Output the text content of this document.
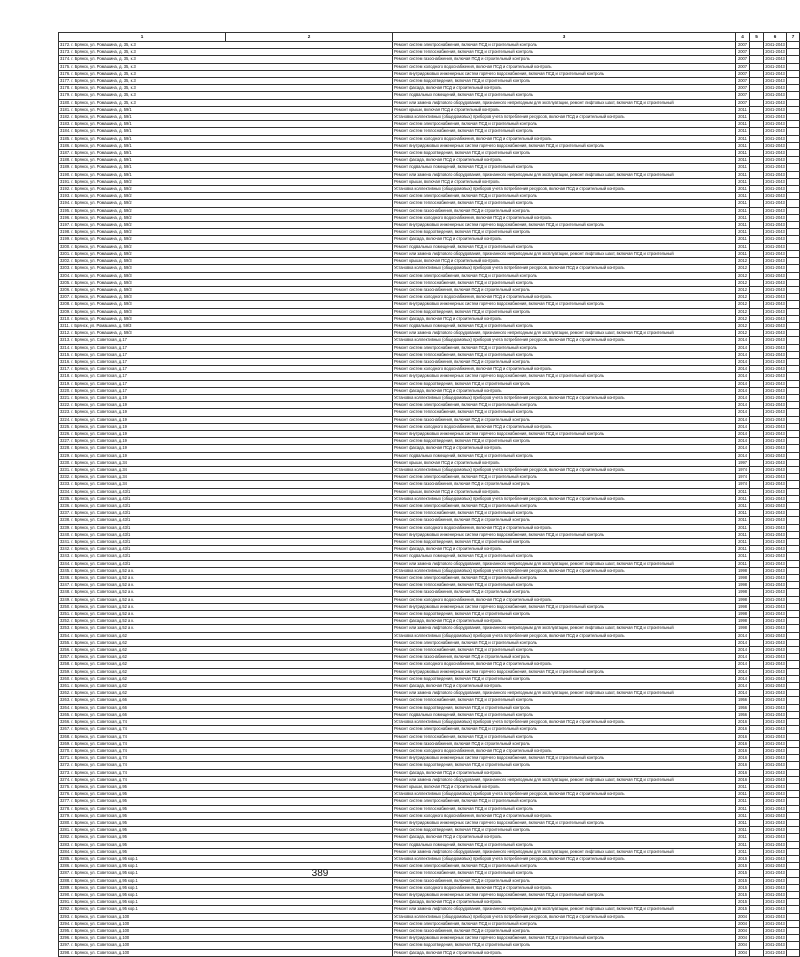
1	2	3	4	5	6	7
3172. г. Брянск, ул. Ромашина, д. 35, к.3		Ремонт систем электроснабжения, включая ПСД и строительный контроль	2007		2041-2043	
3173. г. Брянск, ул. Ромашина, д. 35, к.3		Ремонт систем теплоснабжения, включая ПСД и строительный контроль	2007		2041-2043	
3174. г. Брянск, ул. Ромашина, д. 35, к.3		Ремонт систем газоснабжения, включая ПСД и строительный контроль	2007		2041-2043	
3175. г. Брянск, ул. Ромашина, д. 35, к.3		Ремонт систем холодного водоснабжения, включая ПСД и строительный контроль	2007		2041-2043	
3176. г. Брянск, ул. Ромашина, д. 35, к.3		Ремонт внутридомовых инженерных систем горячего водоснабжения, включая ПСД и строительный контроль	2007		2041-2043	
3177. г. Брянск, ул. Ромашина, д. 35, к.3		Ремонт систем водоотведения, включая ПСД и строительный контроль	2007		2041-2043	
3178. г. Брянск, ул. Ромашина, д. 35, к.3		Ремонт фасада, включая ПСД и строительный контроль	2007		2041-2043	
3179. г. Брянск, ул. Ромашина, д. 35, к.3		Ремонт подвальных помещений, включая ПСД и строительный контроль	2007		2041-2043	
3180. г. Брянск, ул. Ромашина, д. 35, к.3		Ремонт или замена лифтового оборудования, признанного непригодным для эксплуатации, ремонт лифтовых шахт, включая ПСД и строительный	2007		2041-2043	
3181. г. Брянск, ул. Ромашина, д. 59/1		Ремонт крыши, включая ПСД и строительный контроль	2011		2041-2043	
3182. г. Брянск, ул. Ромашина, д. 59/1		Установка коллективных (общедомовых) приборов учета потребления ресурсов, включая ПСД и строительный контроль	2011		2041-2043	
3183. г. Брянск, ул. Ромашина, д. 59/1		Ремонт систем электроснабжения, включая ПСД и строительный контроль	2011		2041-2043	
3184. г. Брянск, ул. Ромашина, д. 59/1		Ремонт систем теплоснабжения, включая ПСД и строительный контроль	2011		2041-2043	
3185. г. Брянск, ул. Ромашина, д. 59/1		Ремонт систем холодного водоснабжения, включая ПСД и строительный контроль	2011		2041-2043	
3186. г. Брянск, ул. Ромашина, д. 59/1		Ремонт внутридомовых инженерных систем горячего водоснабжения, включая ПСД и строительный контроль	2011		2041-2043	
3187. г. Брянск, ул. Ромашина, д. 59/1		Ремонт систем водоотведения, включая ПСД и строительный контроль	2011		2041-2043	
3188. г. Брянск, ул. Ромашина, д. 59/1		Ремонт фасада, включая ПСД и строительный контроль	2011		2041-2043	
3189. г. Брянск, ул. Ромашина, д. 59/1		Ремонт подвальных помещений, включая ПСД и строительный контроль	2011		2041-2043	
3190. г. Брянск, ул. Ромашина, д. 59/1		Ремонт или замена лифтового оборудования, признанного непригодным для эксплуатации, ремонт лифтовых шахт, включая ПСД и строительный	2011		2041-2043	
3191. г. Брянск, ул. Ромашина, д. 59/2		Ремонт крыши, включая ПСД и строительный контроль	2011		2041-2043	
3192. г. Брянск, ул. Ромашина, д. 59/2		Установка коллективных (общедомовых) приборов учета потребления ресурсов, включая ПСД и строительный контроль	2011		2041-2043	
3193. г. Брянск, ул. Ромашина, д. 59/2		Ремонт систем электроснабжения, включая ПСД и строительный контроль	2011		2041-2043	
3194. г. Брянск, ул. Ромашина, д. 59/2		Ремонт систем теплоснабжения, включая ПСД и строительный контроль	2011		2041-2043	
3195. г. Брянск, ул. Ромашина, д. 59/2		Ремонт систем газоснабжения, включая ПСД и строительный контроль	2011		2041-2043	
3196. г. Брянск, ул. Ромашина, д. 59/2		Ремонт систем холодного водоснабжения, включая ПСД и строительный контроль	2011		2041-2043	
3197. г. Брянск, ул. Ромашина, д. 59/2		Ремонт внутридомовых инженерных систем горячего водоснабжения, включая ПСД и строительный контроль	2011		2041-2043	
3198. г. Брянск, ул. Ромашина, д. 59/2		Ремонт систем водоотведения, включая ПСД и строительный контроль	2011		2041-2043	
3199. г. Брянск, ул. Ромашина, д. 59/2		Ремонт фасада, включая ПСД и строительный контроль	2011		2041-2043	
3200. г. Брянск, ул. Ромашина, д. 59/2		Ремонт подвальных помещений, включая ПСД и строительный контроль	2011		2041-2043	
3201. г. Брянск, ул. Ромашина, д. 59/2		Ремонт или замена лифтового оборудования, признанного непригодным для эксплуатации, ремонт лифтовых шахт, включая ПСД и строительный	2011		2041-2043	
3202. г. Брянск, ул. Ромашина, д. 59/3		Ремонт крыши, включая ПСД и строительный контроль	2012		2041-2043	
3203. г. Брянск, ул. Ромашина, д. 59/3		Установка коллективных (общедомовых) приборов учета потребления ресурсов, включая ПСД и строительный контроль	2012		2041-2043	
3204. г. Брянск, ул. Ромашина, д. 59/3		Ремонт систем электроснабжения, включая ПСД и строительный контроль	2012		2041-2043	
3205. г. Брянск, ул. Ромашина, д. 59/3		Ремонт систем теплоснабжения, включая ПСД и строительный контроль	2012		2041-2043	
3206. г. Брянск, ул. Ромашина, д. 59/3		Ремонт систем газоснабжения, включая ПСД и строительный контроль	2012		2041-2043	
3207. г. Брянск, ул. Ромашина, д. 59/3		Ремонт систем холодного водоснабжения, включая ПСД и строительный контроль	2012		2041-2043	
3208. г. Брянск, ул. Ромашина, д. 59/3		Ремонт внутридомовых инженерных систем горячего водоснабжения, включая ПСД и строительный контроль	2012		2041-2043	
3209. г. Брянск, ул. Ромашина, д. 59/3		Ремонт систем водоотведения, включая ПСД и строительный контроль	2012		2041-2043	
3210. г. Брянск, ул. Ромашина, д. 59/3		Ремонт фасада, включая ПСД и строительный контроль	2012		2041-2043	
3211. г. Брянск, ул. Ромашина, д. 59/3		Ремонт подвальных помещений, включая ПСД и строительный контроль	2012		2041-2043	
3212. г. Брянск, ул. Ромашина, д. 59/3		Ремонт или замена лифтового оборудования, признанного непригодным для эксплуатации, ремонт лифтовых шахт, включая ПСД и строительный	2012		2041-2043	
3213. г. Брянск, ул. Советская, д.17		Установка коллективных (общедомовых) приборов учета потребления ресурсов, включая ПСД и строительный контроль	2014		2041-2043	
3214. г. Брянск, ул. Советская, д.17		Ремонт систем электроснабжения, включая ПСД и строительный контроль	2014		2041-2043	
3215. г. Брянск, ул. Советская, д.17		Ремонт систем теплоснабжения, включая ПСД и строительный контроль	2014		2041-2043	
3216. г. Брянск, ул. Советская, д.17		Ремонт систем газоснабжения, включая ПСД и строительный контроль	2014		2041-2043	
3217. г. Брянск, ул. Советская, д.17		Ремонт систем холодного водоснабжения, включая ПСД и строительный контроль	2014		2041-2043	
3218. г. Брянск, ул. Советская, д.17		Ремонт внутридомовых инженерных систем горячего водоснабжения, включая ПСД и строительный контроль	2014		2041-2043	
3219. г. Брянск, ул. Советская, д.17		Ремонт систем водоотведения, включая ПСД и строительный контроль	2014		2041-2043	
3220. г. Брянск, ул. Советская, д.17		Ремонт фасада, включая ПСД и строительный контроль	2014		2041-2043	
3221. г. Брянск, ул. Советская, д.19		Установка коллективных (общедомовых) приборов учета потребления ресурсов, включая ПСД и строительный контроль	2014		2041-2043	
3222. г. Брянск, ул. Советская, д.19		Ремонт систем электроснабжения, включая ПСД и строительный контроль	2014		2041-2043	
3223. г. Брянск, ул. Советская, д.19		Ремонт систем теплоснабжения, включая ПСД и строительный контроль	2014		2041-2043	
3224. г. Брянск, ул. Советская, д.19		Ремонт систем газоснабжения, включая ПСД и строительный контроль	2014		2041-2043	
3225. г. Брянск, ул. Советская, д.19		Ремонт систем холодного водоснабжения, включая ПСД и строительный контроль	2014		2041-2043	
3226. г. Брянск, ул. Советская, д.19		Ремонт внутридомовых инженерных систем горячего водоснабжения, включая ПСД и строительный контроль	2014		2041-2043	
3227. г. Брянск, ул. Советская, д.19		Ремонт систем водоотведения, включая ПСД и строительный контроль	2014		2041-2043	
3228. г. Брянск, ул. Советская, д.19		Ремонт фасада, включая ПСД и строительный контроль	2014		2041-2043	
3229. г. Брянск, ул. Советская, д.19		Ремонт подвальных помещений, включая ПСД и строительный контроль	2014		2041-2043	
3230. г. Брянск, ул. Советская, д.34		Ремонт крыши, включая ПСД и строительный контроль	1997		2041-2043	
3231. г. Брянск, ул. Советская, д.34		Установка коллективных (общедомовых) приборов учета потребления ресурсов, включая ПСД и строительный контроль	1974		2041-2043	
3232. г. Брянск, ул. Советская, д.34		Ремонт систем электроснабжения, включая ПСД и строительный контроль	1974		2041-2043	
3233. г. Брянск, ул. Советская, д.34		Ремонт систем газоснабжения, включая ПСД и строительный контроль	1974		2041-2043	
3234. г. Брянск, ул. Советская, д.43/1		Ремонт крыши, включая ПСД и строительный контроль	2011		2041-2043	
3235. г. Брянск, ул. Советская, д.43/1		Установка коллективных (общедомовых) приборов учета потребления ресурсов, включая ПСД и строительный контроль	2011		2041-2043	
3236. г. Брянск, ул. Советская, д.43/1		Ремонт систем электроснабжения, включая ПСД и строительный контроль	2011		2041-2043	
3237. г. Брянск, ул. Советская, д.43/1		Ремонт систем теплоснабжения, включая ПСД и строительный контроль	2011		2041-2043	
3238. г. Брянск, ул. Советская, д.43/1		Ремонт систем газоснабжения, включая ПСД и строительный контроль	2011		2041-2043	
3239. г. Брянск, ул. Советская, д.43/1		Ремонт систем холодного водоснабжения, включая ПСД и строительный контроль	2011		2041-2043	
3240. г. Брянск, ул. Советская, д.43/1		Ремонт внутридомовых инженерных систем горячего водоснабжения, включая ПСД и строительный контроль	2011		2041-2043	
3241. г. Брянск, ул. Советская, д.43/1		Ремонт систем водоотведения, включая ПСД и строительный контроль	2011		2041-2043	
3242. г. Брянск, ул. Советская, д.43/1		Ремонт фасада, включая ПСД и строительный контроль	2011		2041-2043	
3243. г. Брянск, ул. Советская, д.43/1		Ремонт подвальных помещений, включая ПСД и строительный контроль	2011		2041-2043	
3244. г. Брянск, ул. Советская, д.43/1		Ремонт или замена лифтового оборудования, признанного непригодным для эксплуатации, ремонт лифтовых шахт, включая ПСД и строительный	2011		2041-2043	
3245. г. Брянск, ул. Советская, д.52 а к.		Установка коллективных (общедомовых) приборов учета потребления ресурсов, включая ПСД и строительный контроль	1998		2041-2043	
3246. г. Брянск, ул. Советская, д.52 а к.		Ремонт систем электроснабжения, включая ПСД и строительный контроль	1998		2041-2043	
3247. г. Брянск, ул. Советская, д.52 а к.		Ремонт систем теплоснабжения, включая ПСД и строительный контроль	1998		2041-2043	
3248. г. Брянск, ул. Советская, д.52 а к.		Ремонт систем газоснабжения, включая ПСД и строительный контроль	1998		2041-2043	
3249. г. Брянск, ул. Советская, д.52 а к.		Ремонт систем холодного водоснабжения, включая ПСД и строительный контроль	1998		2041-2043	
3250. г. Брянск, ул. Советская, д.52 а к.		Ремонт внутридомовых инженерных систем горячего водоснабжения, включая ПСД и строительный контроль	1998		2041-2043	
3251. г. Брянск, ул. Советская, д.52 а к.		Ремонт систем водоотведения, включая ПСД и строительный контроль	1998		2041-2043	
3252. г. Брянск, ул. Советская, д.52 а к.		Ремонт фасада, включая ПСД и строительный контроль	1998		2041-2043	
3253. г. Брянск, ул. Советская, д.52 а к.		Ремонт или замена лифтового оборудования, признанного непригодным для эксплуатации, ремонт лифтовых шахт, включая ПСД и строительный	1998		2041-2043	
3254. г. Брянск, ул. Советская, д.62		Установка коллективных (общедомовых) приборов учета потребления ресурсов, включая ПСД и строительный контроль	2014		2041-2043	
3255. г. Брянск, ул. Советская, д.62		Ремонт систем электроснабжения, включая ПСД и строительный контроль	2014		2041-2043	
3256. г. Брянск, ул. Советская, д.62		Ремонт систем теплоснабжения, включая ПСД и строительный контроль	2014		2041-2043	
3257. г. Брянск, ул. Советская, д.62		Ремонт систем газоснабжения, включая ПСД и строительный контроль	2014		2041-2043	
3258. г. Брянск, ул. Советская, д.62		Ремонт систем холодного водоснабжения, включая ПСД и строительный контроль	2014		2041-2043	
3259. г. Брянск, ул. Советская, д.62		Ремонт внутридомовых инженерных систем горячего водоснабжения, включая ПСД и строительный контроль	2014		2041-2043	
3260. г. Брянск, ул. Советская, д.62		Ремонт систем водоотведения, включая ПСД и строительный контроль	2014		2041-2043	
3261. г. Брянск, ул. Советская, д.62		Ремонт фасада, включая ПСД и строительный контроль	2014		2041-2043	
3262. г. Брянск, ул. Советская, д.62		Ремонт или замена лифтового оборудования, признанного непригодным для эксплуатации, ремонт лифтовых шахт, включая ПСД и строительный	2014		2041-2043	
3263. г. Брянск, ул. Советская, д.66		Ремонт систем теплоснабжения, включая ПСД и строительный контроль	1956		2041-2043	
3264. г. Брянск, ул. Советская, д.66		Ремонт систем водоотведения, включая ПСД и строительный контроль	1956		2041-2043	
3265. г. Брянск, ул. Советская, д.66		Ремонт подвальных помещений, включая ПСД и строительный контроль	1956		2041-2043	
3266. г. Брянск, ул. Советская, д.74		Установка коллективных (общедомовых) приборов учета потребления ресурсов, включая ПСД и строительный контроль	2016		2041-2043	
3267. г. Брянск, ул. Советская, д.74		Ремонт систем электроснабжения, включая ПСД и строительный контроль	2016		2041-2043	
3268. г. Брянск, ул. Советская, д.74		Ремонт систем теплоснабжения, включая ПСД и строительный контроль	2016		2041-2043	
3269. г. Брянск, ул. Советская, д.74		Ремонт систем газоснабжения, включая ПСД и строительный контроль	2016		2041-2043	
3270. г. Брянск, ул. Советская, д.74		Ремонт систем холодного водоснабжения, включая ПСД и строительный контроль	2016		2041-2043	
3271. г. Брянск, ул. Советская, д.74		Ремонт внутридомовых инженерных систем горячего водоснабжения, включая ПСД и строительный контроль	2016		2041-2043	
3272. г. Брянск, ул. Советская, д.74		Ремонт систем водоотведения, включая ПСД и строительный контроль	2016		2041-2043	
3273. г. Брянск, ул. Советская, д.74		Ремонт фасада, включая ПСД и строительный контроль	2016		2041-2043	
3274. г. Брянск, ул. Советская, д.74		Ремонт или замена лифтового оборудования, признанного непригодным для эксплуатации, ремонт лифтовых шахт, включая ПСД и строительный	2016		2041-2043	
3275. г. Брянск, ул. Советская, д.95		Ремонт крыши, включая ПСД и строительный контроль	2011		2041-2043	
3276. г. Брянск, ул. Советская, д.95		Установка коллективных (общедомовых) приборов учета потребления ресурсов, включая ПСД и строительный контроль	2011		2041-2043	
3277. г. Брянск, ул. Советская, д.95		Ремонт систем электроснабжения, включая ПСД и строительный контроль	2011		2041-2043	
3278. г. Брянск, ул. Советская, д.95		Ремонт систем теплоснабжения, включая ПСД и строительный контроль	2011		2041-2043	
3279. г. Брянск, ул. Советская, д.95		Ремонт систем холодного водоснабжения, включая ПСД и строительный контроль	2011		2041-2043	
3280. г. Брянск, ул. Советская, д.95		Ремонт внутридомовых инженерных систем горячего водоснабжения, включая ПСД и строительный контроль	2011		2041-2043	
3281. г. Брянск, ул. Советская, д.95		Ремонт систем водоотведения, включая ПСД и строительный контроль	2011		2041-2043	
3282. г. Брянск, ул. Советская, д.95		Ремонт фасада, включая ПСД и строительный контроль	2011		2041-2043	
3283. г. Брянск, ул. Советская, д.95		Ремонт подвальных помещений, включая ПСД и строительный контроль	2011		2041-2043	
3284. г. Брянск, ул. Советская, д.95		Ремонт или замена лифтового оборудования, признанного непригодным для эксплуатации, ремонт лифтовых шахт, включая ПСД и строительный	2011		2041-2043	
3285. г. Брянск, ул. Советская, д.95 кор.1		Установка коллективных (общедомовых) приборов учета потребления ресурсов, включая ПСД и строительный контроль	2015		2041-2043	
3286. г. Брянск, ул. Советская, д.95 кор.1		Ремонт систем электроснабжения, включая ПСД и строительный контроль	2015		2041-2043	
3287. г. Брянск, ул. Советская, д.95 кор.1		Ремонт систем теплоснабжения, включая ПСД и строительный контроль	2015		2041-2043	
3288. г. Брянск, ул. Советская, д.95 кор.1		Ремонт систем газоснабжения, включая ПСД и строительный контроль	2015		2041-2043	
3289. г. Брянск, ул. Советская, д.95 кор.1		Ремонт систем холодного водоснабжения, включая ПСД и строительный контроль	2015		2041-2043	
3290. г. Брянск, ул. Советская, д.95 кор.1		Ремонт внутридомовых инженерных систем горячего водоснабжения, включая ПСД и строительный контроль	2015		2041-2043	
3291. г. Брянск, ул. Советская, д.95 кор.1		Ремонт фасада, включая ПСД и строительный контроль	2015		2041-2043	
3292. г. Брянск, ул. Советская, д.95 кор.1		Ремонт или замена лифтового оборудования, признанного непригодным для эксплуатации, ремонт лифтовых шахт, включая ПСД и строительный	2015		2041-2043	
3293. г. Брянск, ул. Советская, д.100		Установка коллективных (общедомовых) приборов учета потребления ресурсов, включая ПСД и строительный контроль	2004		2041-2043	
3294. г. Брянск, ул. Советская, д.100		Ремонт систем электроснабжения, включая ПСД и строительный контроль	2004		2041-2043	
3295. г. Брянск, ул. Советская, д.100		Ремонт систем газоснабжения, включая ПСД и строительный контроль	2004		2041-2043	
3296. г. Брянск, ул. Советская, д.100		Ремонт внутридомовых инженерных систем горячего водоснабжения, включая ПСД и строительный контроль	2004		2041-2043	
3297. г. Брянск, ул. Советская, д.100		Ремонт систем водоотведения, включая ПСД и строительный контроль	2004		2041-2043	
3298. г. Брянск, ул. Советская, д.100		Ремонт фасада, включая ПСД и строительный контроль	2004		2041-2043	
389
